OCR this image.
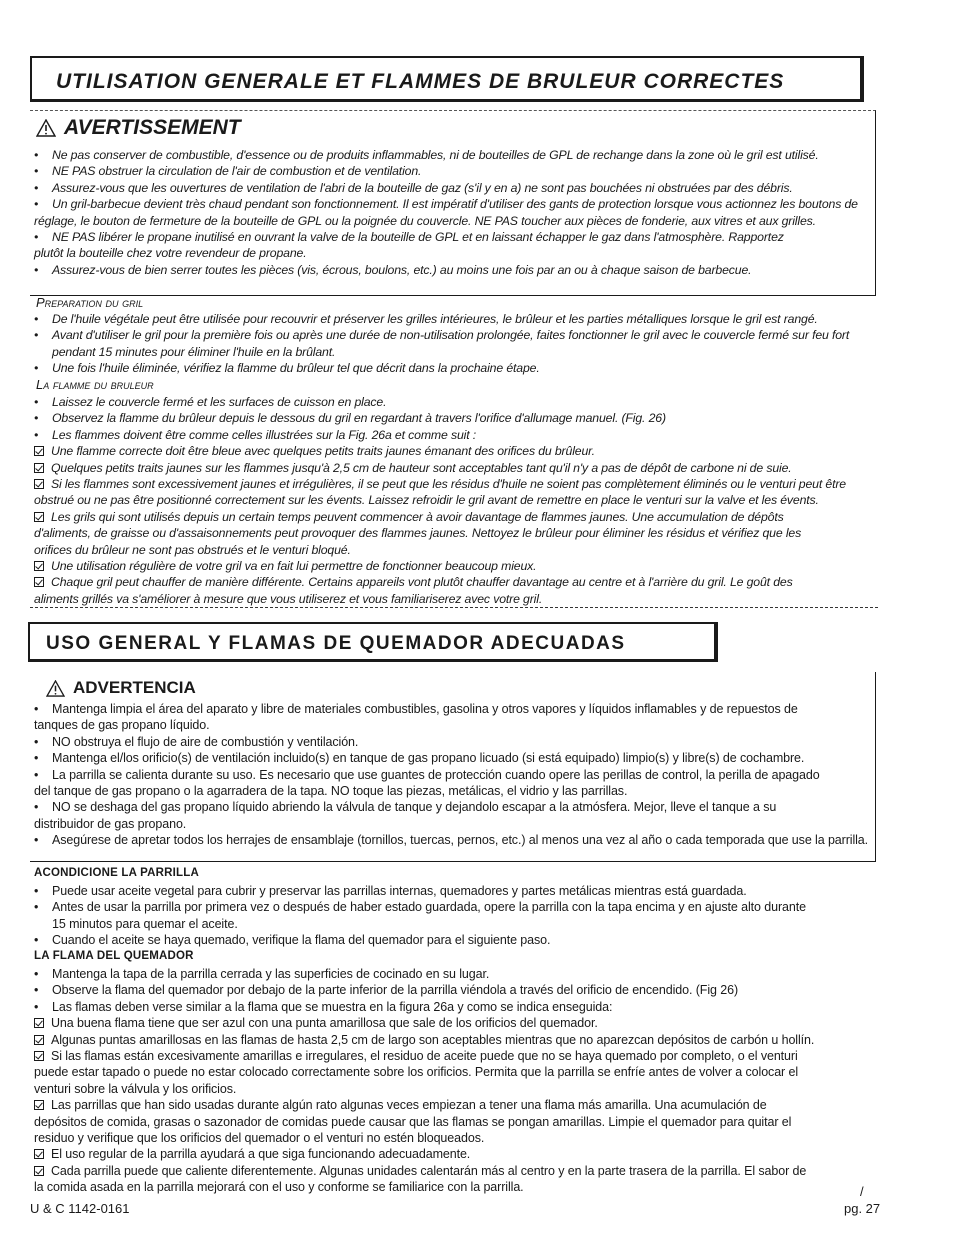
UTILISATION GENERALE ET FLAMMES DE BRULEUR CORRECTES
AVERTISSEMENT
• Ne pas conserver de combustible, d'essence ou de produits inflammables, ni de bouteilles de GPL de rechange dans la zone où le gril est utilisé.
• NE PAS obstruer la circulation de l'air de combustion et de ventilation.
• Assurez-vous que les ouvertures de ventilation de l'abri de la bouteille de gaz (s'il y en a) ne sont pas bouchées ni obstruées par des débris.
• Un gril-barbecue devient très chaud pendant son fonctionnement. Il est impératif d'utiliser des gants de protection lorsque vous actionnez les boutons de
réglage, le bouton de fermeture de la bouteille de GPL ou la poignée du couvercle. NE PAS toucher aux pièces de fonderie, aux vitres et aux grilles.
• NE PAS libérer le propane inutilisé en ouvrant la valve de la bouteille de GPL et en laissant échapper le gaz dans l'atmosphère. Rapportez
plutôt la bouteille chez votre revendeur de propane.
• Assurez-vous de bien serrer toutes les pièces (vis, écrous, boulons, etc.) au moins une fois par an ou à chaque saison de barbecue.
Preparation du gril
• De l'huile végétale peut être utilisée pour recouvrir et préserver les grilles intérieures, le brûleur et les parties métalliques lorsque le gril est rangé.
• Avant d'utiliser le gril pour la première fois ou après une durée de non-utilisation prolongée, faites fonctionner le gril avec le couvercle fermé sur feu fort
pendant 15 minutes pour éliminer l'huile en la brûlant.
• Une fois l'huile éliminée, vérifiez la flamme du brûleur tel que décrit dans la prochaine étape.
La flamme du bruleur
• Laissez le couvercle fermé et les surfaces de cuisson en place.
• Observez la flamme du brûleur depuis le dessous du gril en regardant à travers l'orifice d'allumage manuel. (Fig. 26)
• Les flammes doivent être comme celles illustrées sur la Fig. 26a et comme suit :
Une flamme correcte doit être bleue avec quelques petits traits jaunes émanant des orifices du brûleur.
Quelques petits traits jaunes sur les flammes jusqu'à 2,5 cm de hauteur sont acceptables tant qu'il n'y a pas de dépôt de carbone ni de suie.
Si les flammes sont excessivement jaunes et irrégulières, il se peut que les résidus d'huile ne soient pas complètement éliminés ou le venturi peut être
obstrué ou ne pas être positionné correctement sur les évents. Laissez refroidir le gril avant de remettre en place le venturi sur la valve et les évents.
Les grils qui sont utilisés depuis un certain temps peuvent commencer à avoir davantage de flammes jaunes. Une accumulation de dépôts
d'aliments, de graisse ou d'assaisonnements peut provoquer des flammes jaunes. Nettoyez le brûleur pour éliminer les résidus et vérifiez que les
orifices du brûleur ne sont pas obstrués et le venturi bloqué.
Une utilisation régulière de votre gril va en fait lui permettre de fonctionner beaucoup mieux.
Chaque gril peut chauffer de manière différente. Certains appareils vont plutôt chauffer davantage au centre et à l'arrière du gril. Le goût des
aliments grillés va s'améliorer à mesure que vous utiliserez et vous familiariserez avec votre gril.
USO GENERAL Y FLAMAS DE QUEMADOR ADECUADAS
ADVERTENCIA
• Mantenga limpia el área del aparato y libre de materiales combustibles, gasolina y otros vapores y líquidos inflamables y de repuestos de
tanques de gas propano líquido.
• NO obstruya el flujo de aire de combustión y ventilación.
• Mantenga el/los orificio(s) de ventilación incluido(s) en tanque de gas propano licuado (si está equipado) limpio(s) y libre(s) de cochambre.
• La parrilla se calienta durante su uso. Es necesario que use guantes de protección cuando opere las perillas de control, la perilla de apagado
del tanque de gas propano o la agarradera de la tapa. NO toque las piezas, metálicas, el vidrio y las parrillas.
• NO se deshaga del gas propano líquido abriendo la válvula de tanque y dejandolo escapar a la atmósfera. Mejor, lleve el tanque a su
distribuidor de gas propano.
• Asegúrese de apretar todos los herrajes de ensamblaje (tornillos, tuercas, pernos, etc.) al menos una vez al año o cada temporada que use la parrilla.
ACONDICIONE LA PARRILLA
• Puede usar aceite vegetal para cubrir y preservar las parrillas internas, quemadores y partes metálicas mientras está guardada.
• Antes de usar la parrilla por primera vez o después de haber estado guardada, opere la parrilla con la tapa encima y en ajuste alto durante
15 minutos para quemar el aceite.
• Cuando el aceite se haya quemado, verifique la flama del quemador para el siguiente paso.
LA FLAMA DEL QUEMADOR
• Mantenga la tapa de la parrilla cerrada y las superficies de cocinado en su lugar.
• Observe la flama del quemador por debajo de la parte inferior de la parrilla viéndola a través del orificio de encendido. (Fig 26)
• Las flamas deben verse similar a la flama que se muestra en la figura 26a y como se indica enseguida:
Una buena flama tiene que ser azul con una punta amarillosa que sale de los orificios del quemador.
Algunas puntas amarillosas en las flamas de hasta 2,5 cm de largo son aceptables mientras que no aparezcan depósitos de carbón u hollín.
Si las flamas están excesivamente amarillas e irregulares, el residuo de aceite puede que no se haya quemado por completo, o el venturi
puede estar tapado o puede no estar colocado correctamente sobre los orificios. Permita que la parrilla se enfríe antes de volver a colocar el
venturi sobre la válvula y los orificios.
Las parrillas que han sido usadas durante algún rato algunas veces empiezan a tener una flama más amarilla. Una acumulación de
depósitos de comida, grasas o sazonador de comidas puede causar que las flamas se pongan amarillas. Limpie el quemador para quitar el
residuo y verifique que los orificios del quemador o el venturi no estén bloqueados.
El uso regular de la parrilla ayudará a que siga funcionando adecuadamente.
Cada parrilla puede que caliente diferentemente. Algunas unidades calentarán más al centro y en la parte trasera de la parrilla. El sabor de
la comida asada en la parrilla mejorará con el uso y conforme se familiarice con la parrilla.	/
U & C 1142-0161	pg. 27
